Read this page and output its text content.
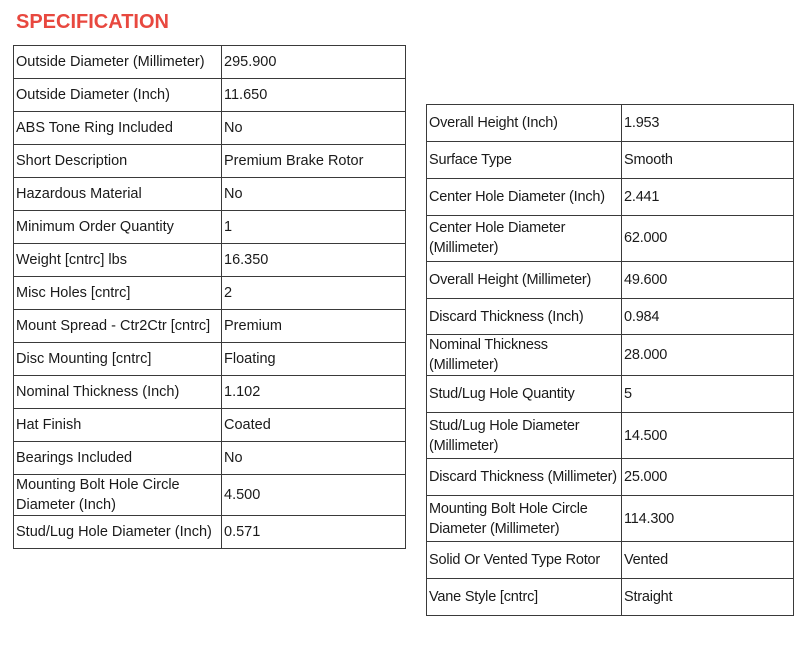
SPECIFICATION
Outside Diameter (Millimeter)	295.900
Outside Diameter (Inch)	11.650
ABS Tone Ring Included	No
Short Description	Premium Brake Rotor
Hazardous Material	No
Minimum Order Quantity	1
Weight [cntrc] lbs	16.350
Misc Holes [cntrc]	2
Mount Spread - Ctr2Ctr [cntrc]	Premium
Disc Mounting [cntrc]	Floating
Nominal Thickness (Inch)	1.102
Hat Finish	Coated
Bearings Included	No
Mounting Bolt Hole Circle Diameter (Inch)	4.500
Stud/Lug Hole Diameter (Inch)	0.571
Overall Height (Inch)	1.953
Surface Type	Smooth
Center Hole Diameter (Inch)	2.441
Center Hole Diameter (Millimeter)	62.000
Overall Height (Millimeter)	49.600
Discard Thickness (Inch)	0.984
Nominal Thickness (Millimeter)	28.000
Stud/Lug Hole Quantity	5
Stud/Lug Hole Diameter (Millimeter)	14.500
Discard Thickness (Millimeter)	25.000
Mounting Bolt Hole Circle Diameter (Millimeter)	114.300
Solid Or Vented Type Rotor	Vented
Vane Style [cntrc]	Straight
